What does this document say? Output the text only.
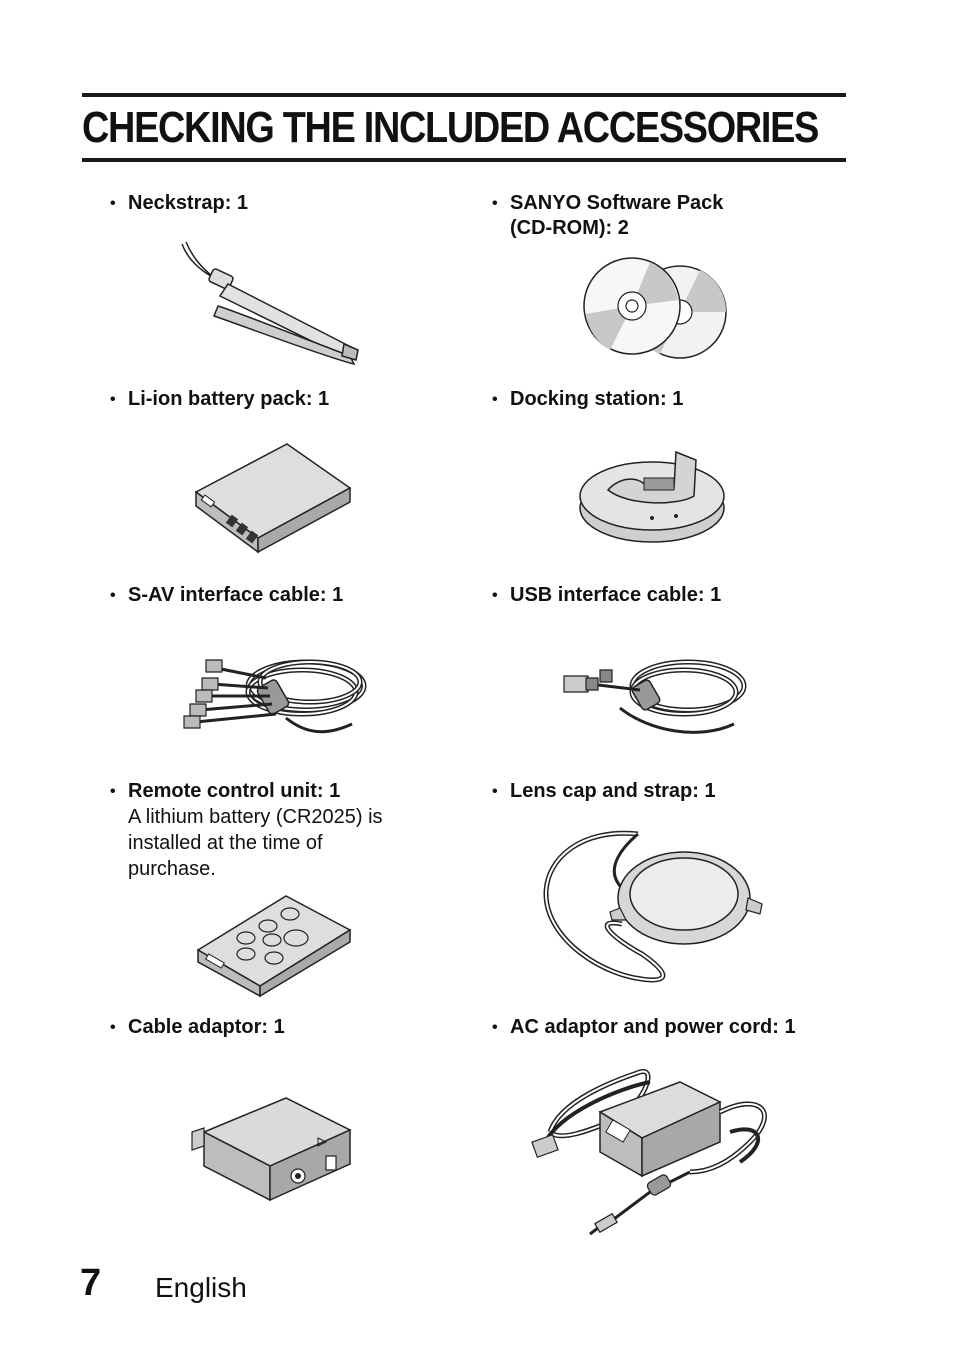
CHECKING THE INCLUDED ACCESSORIES

• Neckstrap: 1	• SANYO Software Pack
(CD-ROM): 2

• Li-ion battery pack: 1	• Docking station: 1

• S-AV interface cable: 1	• USB interface cable: 1

• Remote control unit: 1

A lithium battery (CR2025) is

installed at the time of

purchase.

• Lens cap and strap: 1

• Cable adaptor: 1	• AC adaptor and power cord: 1

7 English
